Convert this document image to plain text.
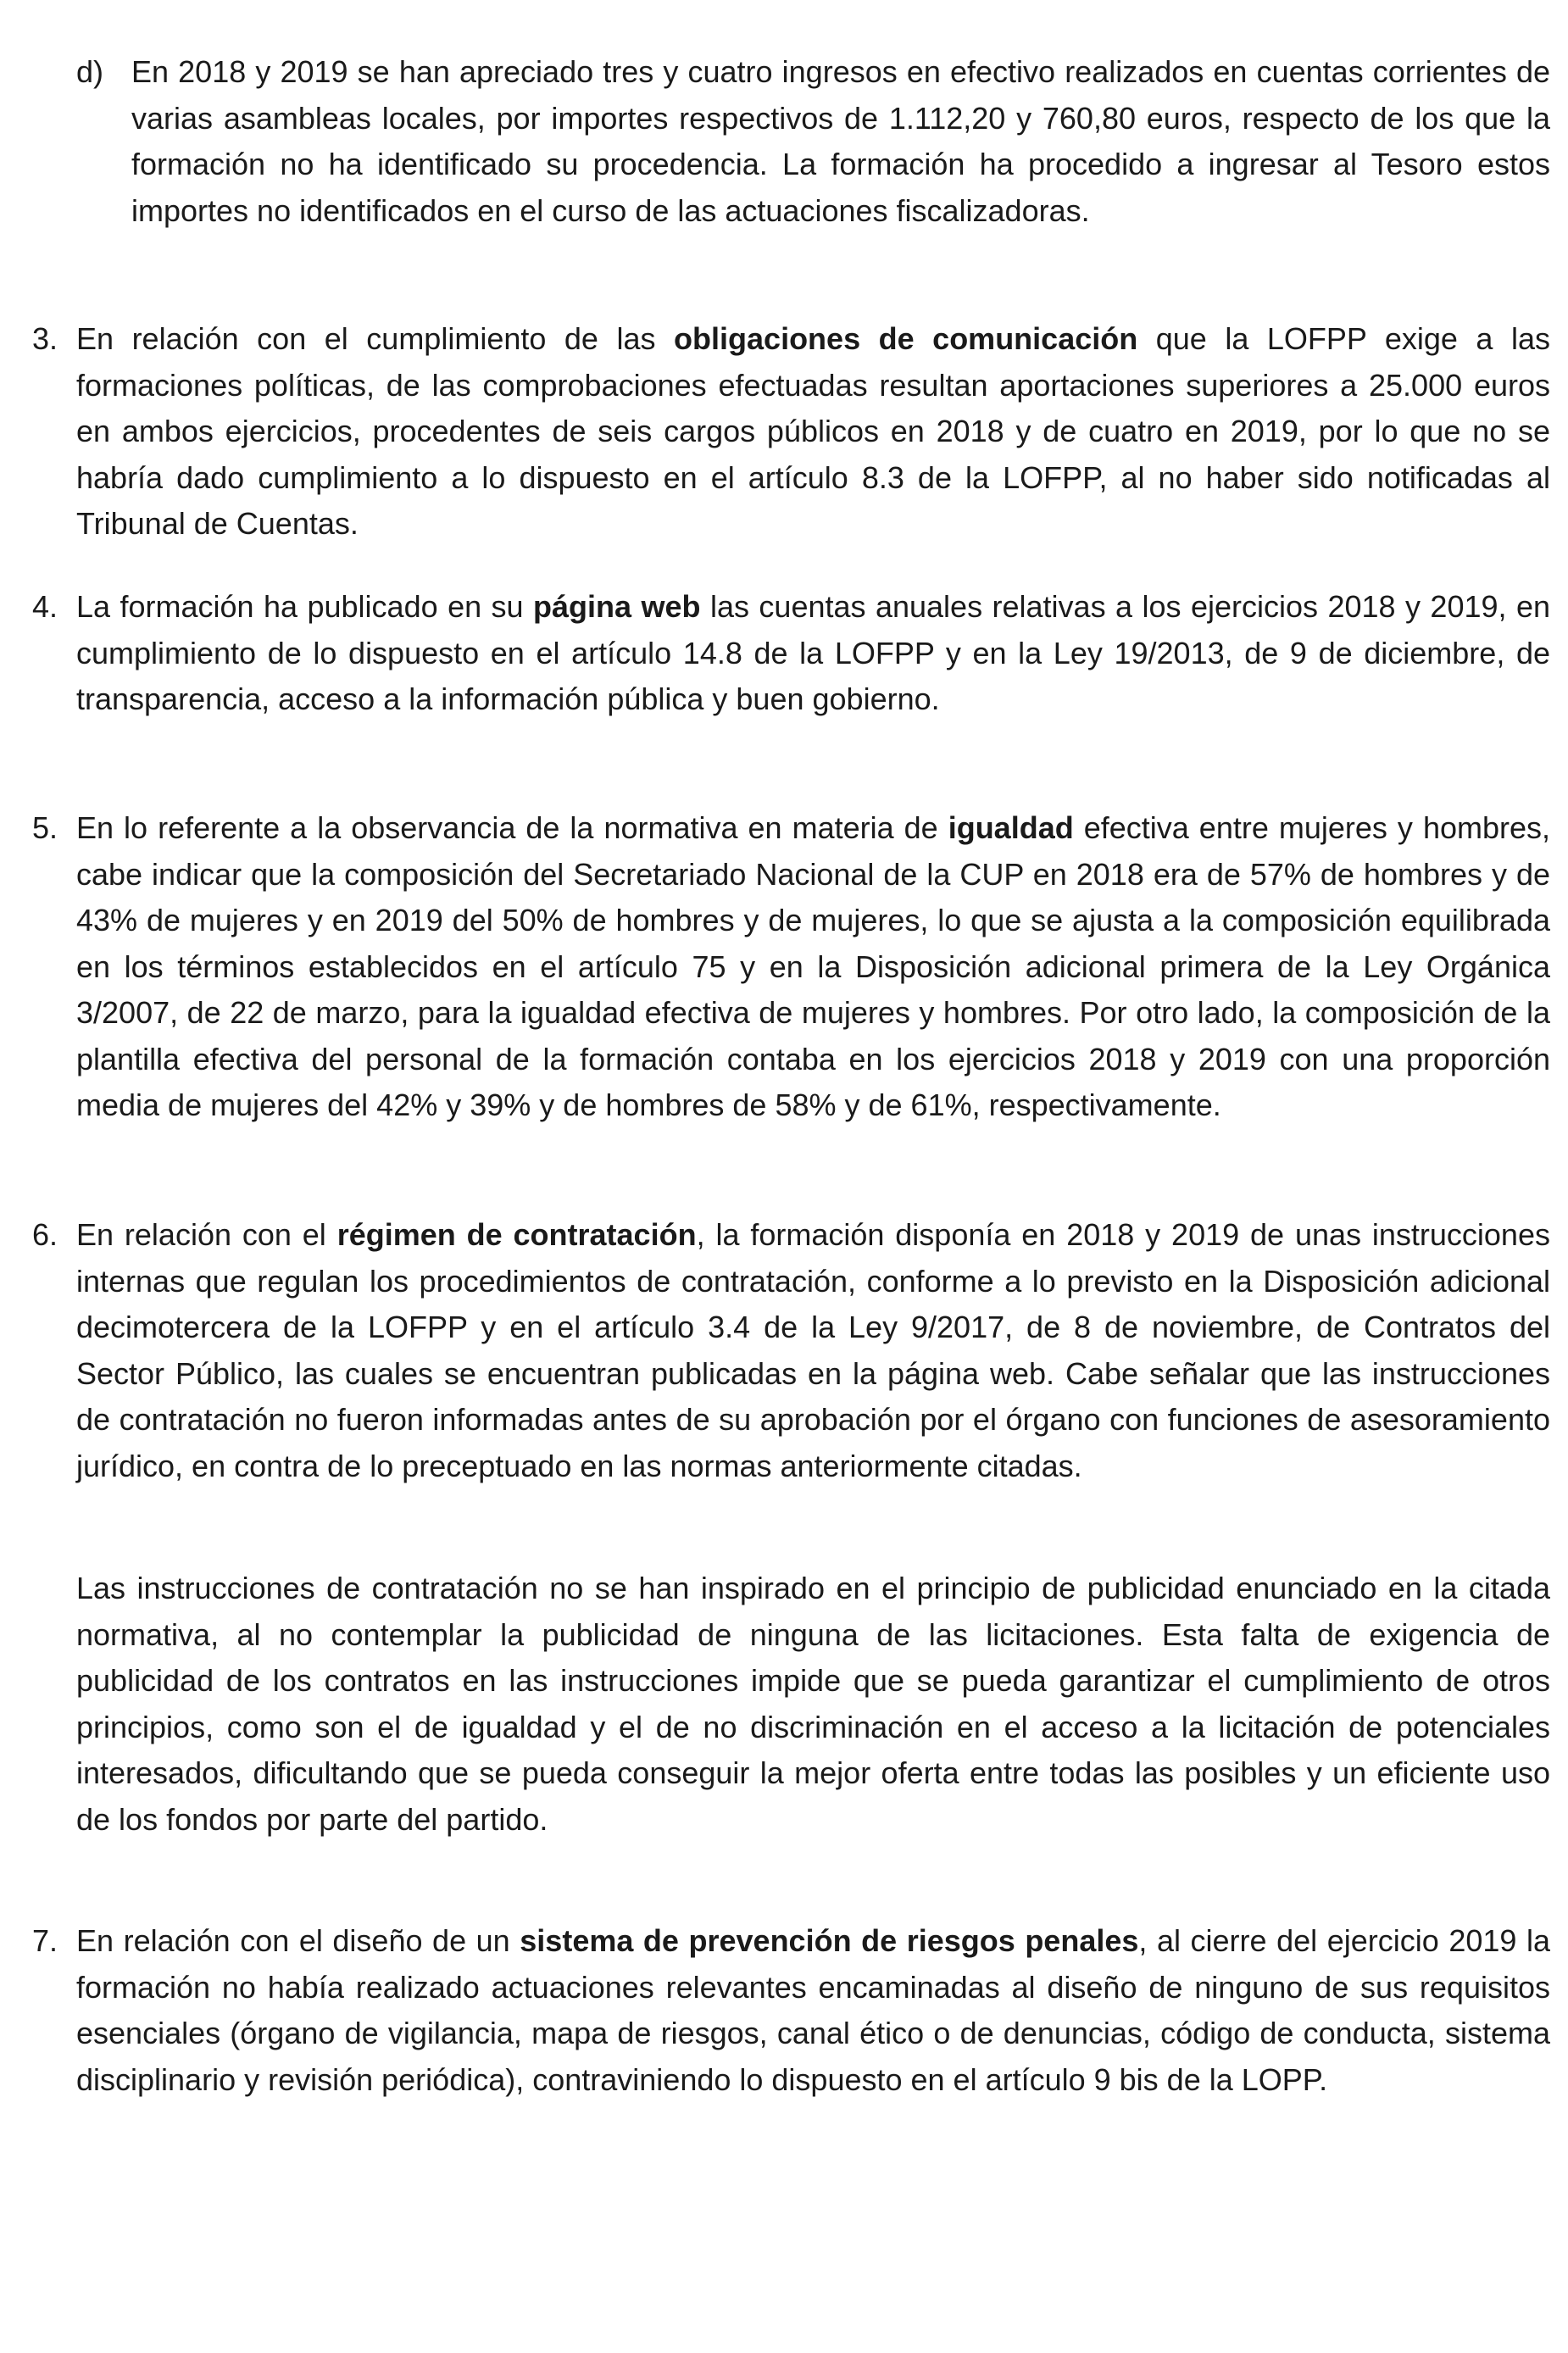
d) En 2018 y 2019 se han apreciado tres y cuatro ingresos en efectivo realizados en cuentas corrientes de varias asambleas locales, por importes respectivos de 1.112,20 y 760,80 euros, respecto de los que la formación no ha identificado su procedencia. La formación ha procedido a ingresar al Tesoro estos importes no identificados en el curso de las actuaciones fiscalizadoras.
3. En relación con el cumplimiento de las obligaciones de comunicación que la LOFPP exige a las formaciones políticas, de las comprobaciones efectuadas resultan aportaciones superiores a 25.000 euros en ambos ejercicios, procedentes de seis cargos públicos en 2018 y de cuatro en 2019, por lo que no se habría dado cumplimiento a lo dispuesto en el artículo 8.3 de la LOFPP, al no haber sido notificadas al Tribunal de Cuentas.
4. La formación ha publicado en su página web las cuentas anuales relativas a los ejercicios 2018 y 2019, en cumplimiento de lo dispuesto en el artículo 14.8 de la LOFPP y en la Ley 19/2013, de 9 de diciembre, de transparencia, acceso a la información pública y buen gobierno.
5. En lo referente a la observancia de la normativa en materia de igualdad efectiva entre mujeres y hombres, cabe indicar que la composición del Secretariado Nacional de la CUP en 2018 era de 57% de hombres y de 43% de mujeres y en 2019 del 50% de hombres y de mujeres, lo que se ajusta a la composición equilibrada en los términos establecidos en el artículo 75 y en la Disposición adicional primera de la Ley Orgánica 3/2007, de 22 de marzo, para la igualdad efectiva de mujeres y hombres. Por otro lado, la composición de la plantilla efectiva del personal de la formación contaba en los ejercicios 2018 y 2019 con una proporción media de mujeres del 42% y 39% y de hombres de 58% y de 61%, respectivamente.
6. En relación con el régimen de contratación, la formación disponía en 2018 y 2019 de unas instrucciones internas que regulan los procedimientos de contratación, conforme a lo previsto en la Disposición adicional decimotercera de la LOFPP y en el artículo 3.4 de la Ley 9/2017, de 8 de noviembre, de Contratos del Sector Público, las cuales se encuentran publicadas en la página web. Cabe señalar que las instrucciones de contratación no fueron informadas antes de su aprobación por el órgano con funciones de asesoramiento jurídico, en contra de lo preceptuado en las normas anteriormente citadas.
Las instrucciones de contratación no se han inspirado en el principio de publicidad enunciado en la citada normativa, al no contemplar la publicidad de ninguna de las licitaciones. Esta falta de exigencia de publicidad de los contratos en las instrucciones impide que se pueda garantizar el cumplimiento de otros principios, como son el de igualdad y el de no discriminación en el acceso a la licitación de potenciales interesados, dificultando que se pueda conseguir la mejor oferta entre todas las posibles y un eficiente uso de los fondos por parte del partido.
7. En relación con el diseño de un sistema de prevención de riesgos penales, al cierre del ejercicio 2019 la formación no había realizado actuaciones relevantes encaminadas al diseño de ninguno de sus requisitos esenciales (órgano de vigilancia, mapa de riesgos, canal ético o de denuncias, código de conducta, sistema disciplinario y revisión periódica), contraviniendo lo dispuesto en el artículo 9 bis de la LOPP.
